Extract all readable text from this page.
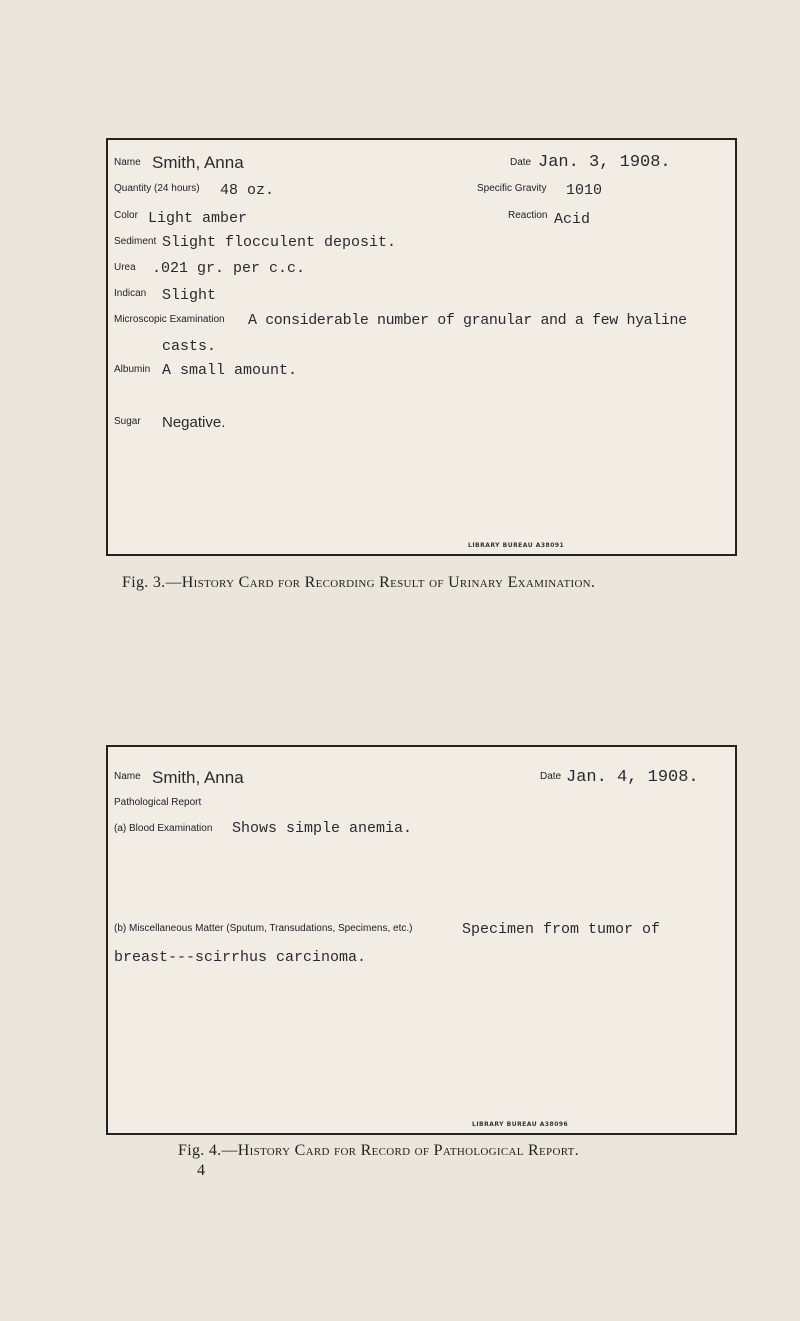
Name Smith, Anna	Date Jan. 3, 1908.
Quantity (24 hours) 48 oz.	Specific Gravity 1010
Color Light amber	Reaction Acid
Sediment Slight flocculent deposit.
Urea .021 gr. per c.c.
Indican Slight
Microscopic Examination A considerable number of granular and a few hyaline
casts.
Albumin A small amount.
Sugar Negative.
LIBRARY BUREAU A38091
Fig. 3.—History Card for Recording Result of Urinary Examination.
Name Smith, Anna	Date Jan. 4, 1908.
Pathological Report
(a) Blood Examination Shows simple anemia.
(b) Miscellaneous Matter (Sputum, Transudations, Specimens, etc.)	Specimen from tumor of
breast---scirrhus carcinoma.
LIBRARY BUREAU A38096
Fig. 4.—History Card for Record of Pathological Report.
4
